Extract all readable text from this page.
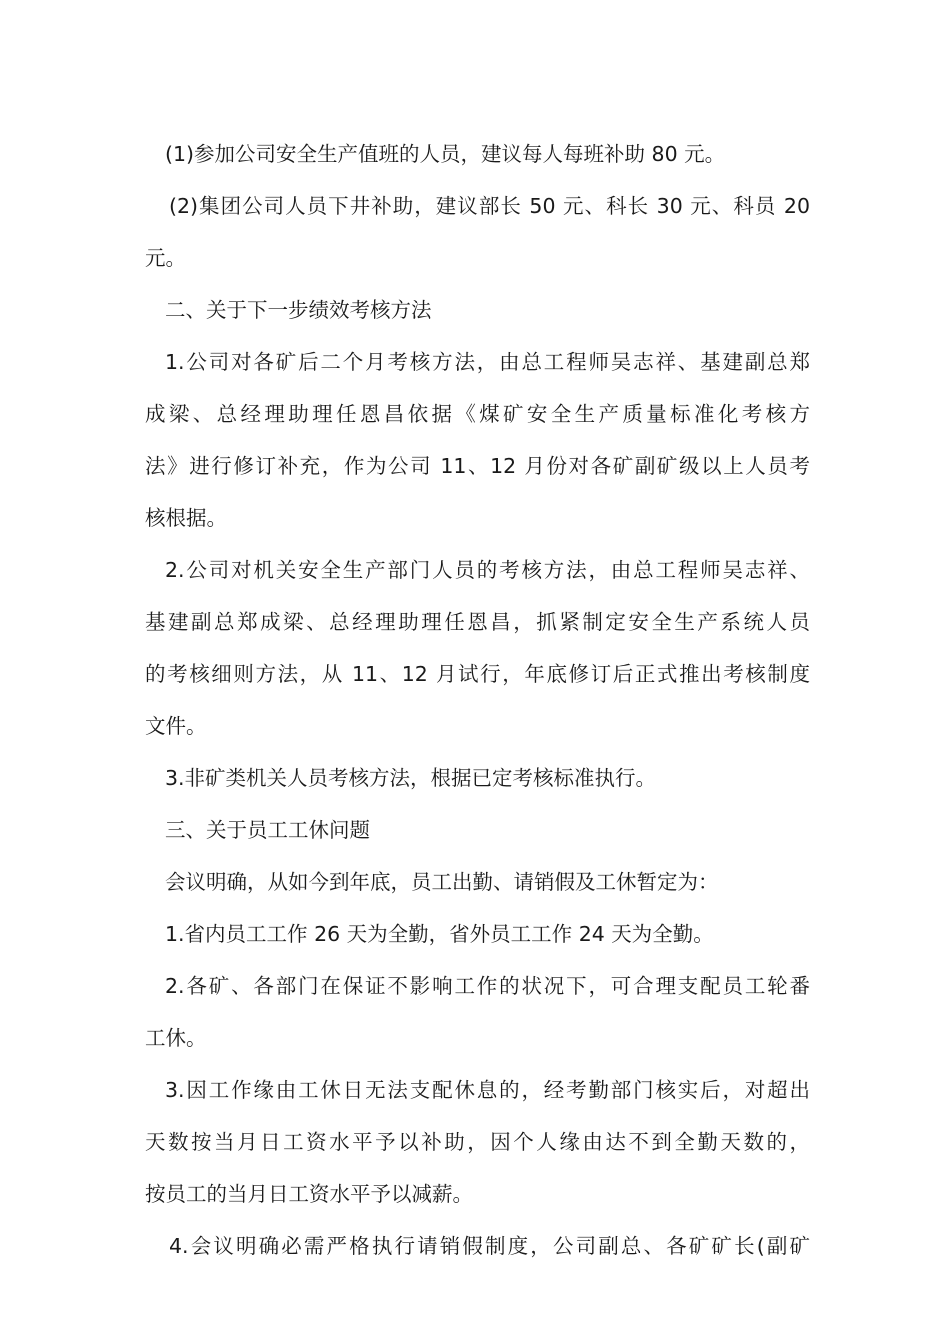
(1)参加公司安全生产值班的人员，建议每人每班补助 80 元。
(2)集团公司人员下井补助，建议部长 50 元、科长 30 元、科员 20
元。
二、关于下一步绩效考核方法
1.公司对各矿后二个月考核方法，由总工程师吴志祥、基建副总郑
成梁、总经理助理任恩昌依据《煤矿安全生产质量标准化考核方
法》进行修订补充，作为公司 11、12 月份对各矿副矿级以上人员考
核根据。
2.公司对机关安全生产部门人员的考核方法，由总工程师吴志祥、
基建副总郑成梁、总经理助理任恩昌，抓紧制定安全生产系统人员
的考核细则方法，从 11、12 月试行，年底修订后正式推出考核制度
文件。
3.非矿类机关人员考核方法，根据已定考核标准执行。
三、关于员工工休问题
会议明确，从如今到年底，员工出勤、请销假及工休暂定为：
1.省内员工工作 26 天为全勤，省外员工工作 24 天为全勤。
2.各矿、各部门在保证不影响工作的状况下，可合理支配员工轮番
工休。
3.因工作缘由工休日无法支配休息的，经考勤部门核实后，对超出
天数按当月日工资水平予以补助，因个人缘由达不到全勤天数的，
按员工的当月日工资水平予以减薪。
4.会议明确必需严格执行请销假制度，公司副总、各矿矿长(副矿
